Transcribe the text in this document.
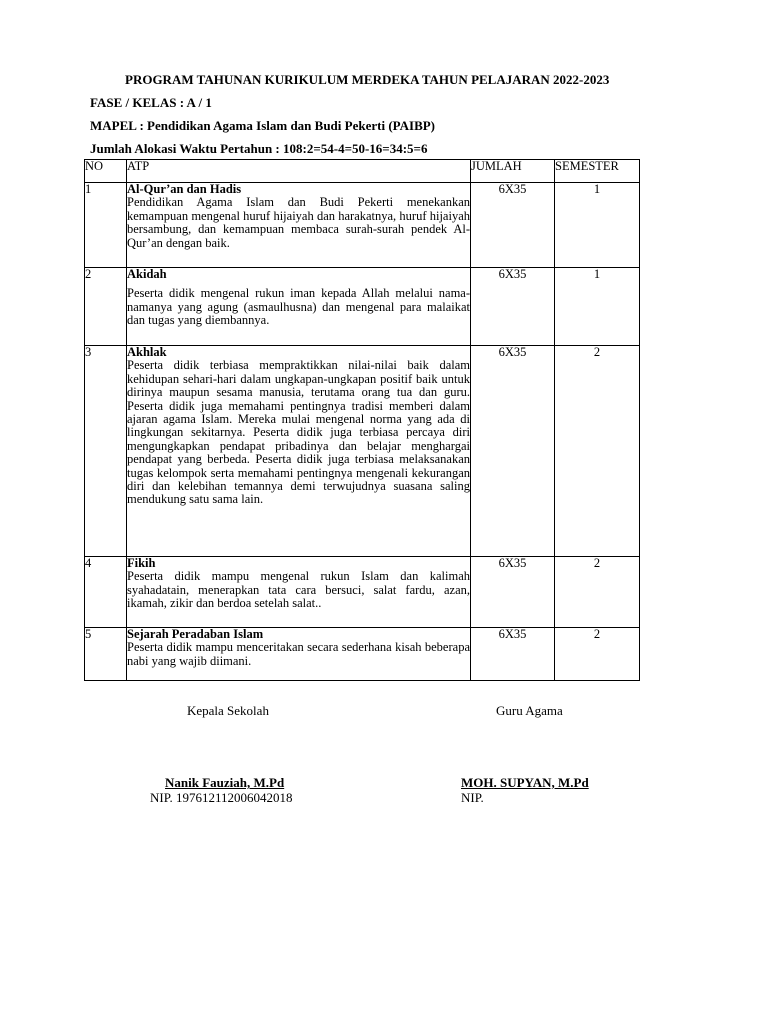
PROGRAM TAHUNAN KURIKULUM MERDEKA TAHUN PELAJARAN 2022-2023
FASE / KELAS : A / 1
MAPEL : Pendidikan Agama Islam dan Budi Pekerti (PAIBP)
Jumlah Alokasi Waktu Pertahun : 108:2=54-4=50-16=34:5=6
NO	ATP	JUMLAH	SEMESTER
1	Al-Qur’an dan Hadis
Pendidikan Agama Islam dan Budi Pekerti menekankan kemampuan mengenal huruf hijaiyah dan harakatnya, huruf hijaiyah bersambung, dan kemampuan membaca surah-surah pendek Al-Qur’an dengan baik.	6X35	1
2	Akidah
Peserta didik mengenal rukun iman kepada Allah melalui nama-namanya yang agung (asmaulhusna) dan mengenal para malaikat dan tugas yang diembannya.	6X35	1
3	Akhlak
Peserta didik terbiasa mempraktikkan nilai-nilai baik dalam kehidupan sehari-hari dalam ungkapan-ungkapan positif baik untuk dirinya maupun sesama manusia, terutama orang tua dan guru. Peserta didik juga memahami pentingnya tradisi memberi dalam ajaran agama Islam. Mereka mulai mengenal norma yang ada di lingkungan sekitarnya. Peserta didik juga terbiasa percaya diri mengungkapkan pendapat pribadinya dan belajar menghargai pendapat yang berbeda. Peserta didik juga terbiasa melaksanakan tugas kelompok serta memahami pentingnya mengenali kekurangan diri dan kelebihan temannya demi terwujudnya suasana saling mendukung satu sama lain.	6X35	2
4	Fikih
Peserta didik mampu mengenal rukun Islam dan kalimah syahadatain, menerapkan tata cara bersuci, salat fardu, azan, ikamah, zikir dan berdoa setelah salat..	6X35	2
5	Sejarah Peradaban Islam
Peserta didik mampu menceritakan secara sederhana kisah beberapa nabi yang wajib diimani.	6X35	2
Kepala Sekolah	Guru Agama
Nanik Fauziah, M.Pd
NIP. 197612112006042018
MOH. SUPYAN, M.Pd
NIP.
